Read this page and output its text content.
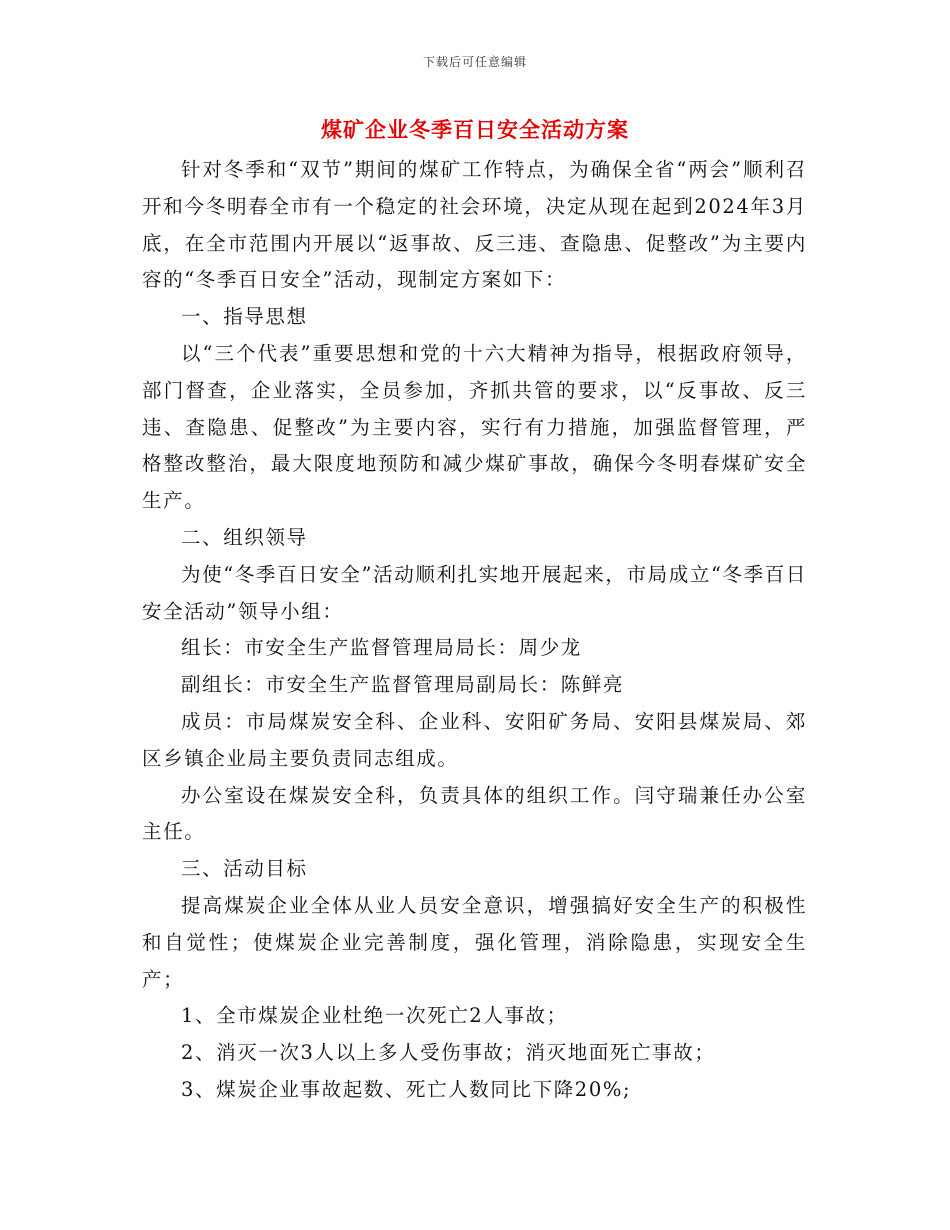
下载后可任意编辑
煤矿企业冬季百日安全活动方案

针对冬季和“双节”期间的煤矿工作特点，为确保全省“两会”顺利召开和今冬明春全市有一个稳定的社会环境，决定从现在起到2024年3月底，在全市范围内开展以“返事故、反三违、查隐患、促整改”为主要内容的“冬季百日安全”活动，现制定方案如下：

一、指导思想

以“三个代表”重要思想和党的十六大精神为指导，根据政府领导，部门督查，企业落实，全员参加，齐抓共管的要求，以“反事故、反三违、查隐患、促整改”为主要内容，实行有力措施，加强监督管理，严格整改整治，最大限度地预防和减少煤矿事故，确保今冬明春煤矿安全生产。

二、组织领导

为使“冬季百日安全”活动顺利扎实地开展起来，市局成立“冬季百日安全活动”领导小组：

组长：市安全生产监督管理局局长：周少龙

副组长：市安全生产监督管理局副局长：陈鲜亮

成员：市局煤炭安全科、企业科、安阳矿务局、安阳县煤炭局、郊区乡镇企业局主要负责同志组成。

办公室设在煤炭安全科，负责具体的组织工作。闫守瑞兼任办公室主任。

三、活动目标

提高煤炭企业全体从业人员安全意识，增强搞好安全生产的积极性和自觉性；使煤炭企业完善制度，强化管理，消除隐患，实现安全生产；

1、全市煤炭企业杜绝一次死亡2人事故；

2、消灭一次3人以上多人受伤事故；消灭地面死亡事故；

3、煤炭企业事故起数、死亡人数同比下降20%;
